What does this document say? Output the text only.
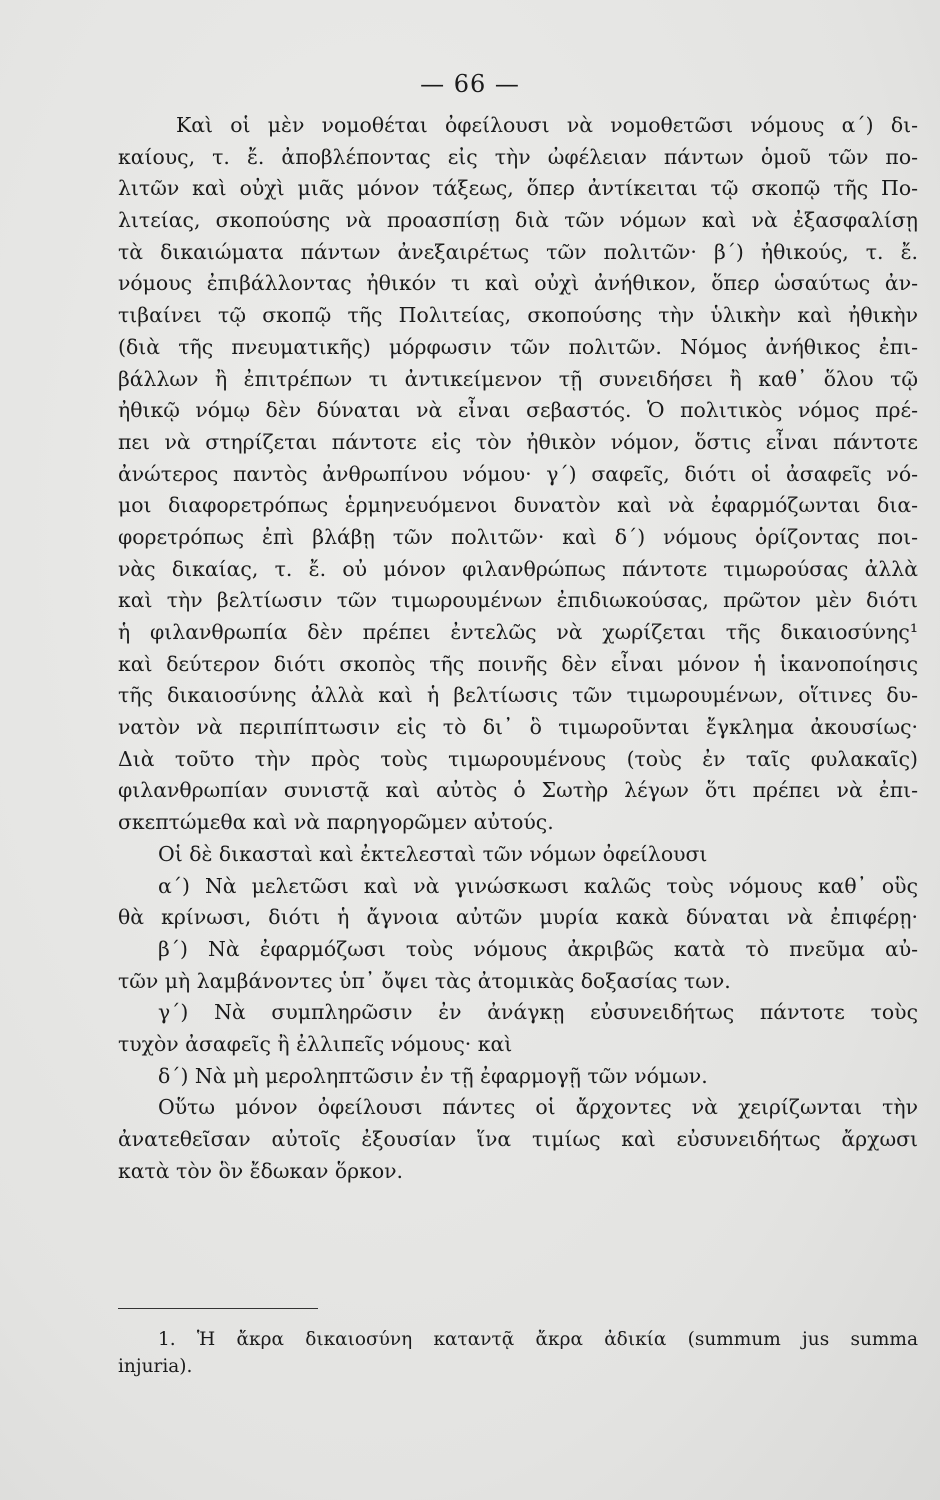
— 66 —
Καὶ οἱ μὲν νομοθέται ὀφείλουσι νὰ νομοθετῶσι νόμους α΄) δι-
καίους, τ. ἔ. ἀποβλέποντας εἰς τὴν ὠφέλειαν πάντων ὁμοῦ τῶν πο-
λιτῶν καὶ οὐχὶ μιᾶς μόνον τάξεως, ὅπερ ἀντίκειται τῷ σκοπῷ τῆς Πο-
λιτείας, σκοπούσης νὰ προασπίσῃ διὰ τῶν νόμων καὶ νὰ ἐξασφαλίσῃ
τὰ δικαιώματα πάντων ἀνεξαιρέτως τῶν πολιτῶν· β΄) ἠθικούς, τ. ἔ.
νόμους ἐπιβάλλοντας ἠθικόν τι καὶ οὐχὶ ἀνήθικον, ὅπερ ὡσαύτως ἀν-
τιβαίνει τῷ σκοπῷ τῆς Πολιτείας, σκοπούσης τὴν ὑλικὴν καὶ ἠθικὴν
(διὰ τῆς πνευματικῆς) μόρφωσιν τῶν πολιτῶν. Νόμος ἀνήθικος ἐπι-
βάλλων ἢ ἐπιτρέπων τι ἀντικείμενον τῇ συνειδήσει ἢ καθ᾿ ὅλου τῷ
ἠθικῷ νόμῳ δὲν δύναται νὰ εἶναι σεβαστός. Ὁ πολιτικὸς νόμος πρέ-
πει νὰ στηρίζεται πάντοτε εἰς τὸν ἠθικὸν νόμον, ὅστις εἶναι πάντοτε
ἀνώτερος παντὸς ἀνθρωπίνου νόμου· γ΄) σαφεῖς, διότι οἱ ἀσαφεῖς νό-
μοι διαφορετρόπως ἑρμηνευόμενοι δυνατὸν καὶ νὰ ἐφαρμόζωνται δια-
φορετρόπως ἐπὶ βλάβῃ τῶν πολιτῶν· καὶ δ΄) νόμους ὁρίζοντας ποι-
νὰς δικαίας, τ. ἔ. οὐ μόνον φιλανθρώπως πάντοτε τιμωρούσας ἀλλὰ
καὶ τὴν βελτίωσιν τῶν τιμωρουμένων ἐπιδιωκούσας, πρῶτον μὲν διότι
ἡ φιλανθρωπία δὲν πρέπει ἐντελῶς νὰ χωρίζεται τῆς δικαιοσύνης¹
καὶ δεύτερον διότι σκοπὸς τῆς ποινῆς δὲν εἶναι μόνον ἡ ἱκανοποίησις
τῆς δικαιοσύνης ἀλλὰ καὶ ἡ βελτίωσις τῶν τιμωρουμένων, οἵτινες δυ-
νατὸν νὰ περιπίπτωσιν εἰς τὸ δι᾿ ὃ τιμωροῦνται ἔγκλημα ἀκουσίως·
Διὰ τοῦτο τὴν πρὸς τοὺς τιμωρουμένους (τοὺς ἐν ταῖς φυλακαῖς)
φιλανθρωπίαν συνιστᾷ καὶ αὐτὸς ὁ Σωτὴρ λέγων ὅτι πρέπει νὰ ἐπι-
σκεπτώμεθα καὶ νὰ παρηγορῶμεν αὐτούς.
Οἱ δὲ δικασταὶ καὶ ἐκτελεσταὶ τῶν νόμων ὀφείλουσι
α΄) Νὰ μελετῶσι καὶ νὰ γινώσκωσι καλῶς τοὺς νόμους καθ᾿ οὓς
θὰ κρίνωσι, διότι ἡ ἄγνοια αὐτῶν μυρία κακὰ δύναται νὰ ἐπιφέρῃ·
β΄) Νὰ ἐφαρμόζωσι τοὺς νόμους ἀκριβῶς κατὰ τὸ πνεῦμα αὐ-
τῶν μὴ λαμβάνοντες ὑπ᾿ ὄψει τὰς ἀτομικὰς δοξασίας των.
γ΄) Νὰ συμπληρῶσιν ἐν ἀνάγκῃ εὐσυνειδήτως πάντοτε τοὺς
τυχὸν ἀσαφεῖς ἢ ἐλλιπεῖς νόμους· καὶ
δ΄) Νὰ μὴ μεροληπτῶσιν ἐν τῇ ἐφαρμογῇ τῶν νόμων.
Οὕτω μόνον ὀφείλουσι πάντες οἱ ἄρχοντες νὰ χειρίζωνται τὴν
ἀνατεθεῖσαν αὐτοῖς ἐξουσίαν ἵνα τιμίως καὶ εὐσυνειδήτως ἄρχωσι
κατὰ τὸν ὃν ἔδωκαν ὅρκον.
1. Ἡ ἄκρα δικαιοσύνη καταντᾷ ἄκρα ἀδικία (summum jus summa
injuria).
